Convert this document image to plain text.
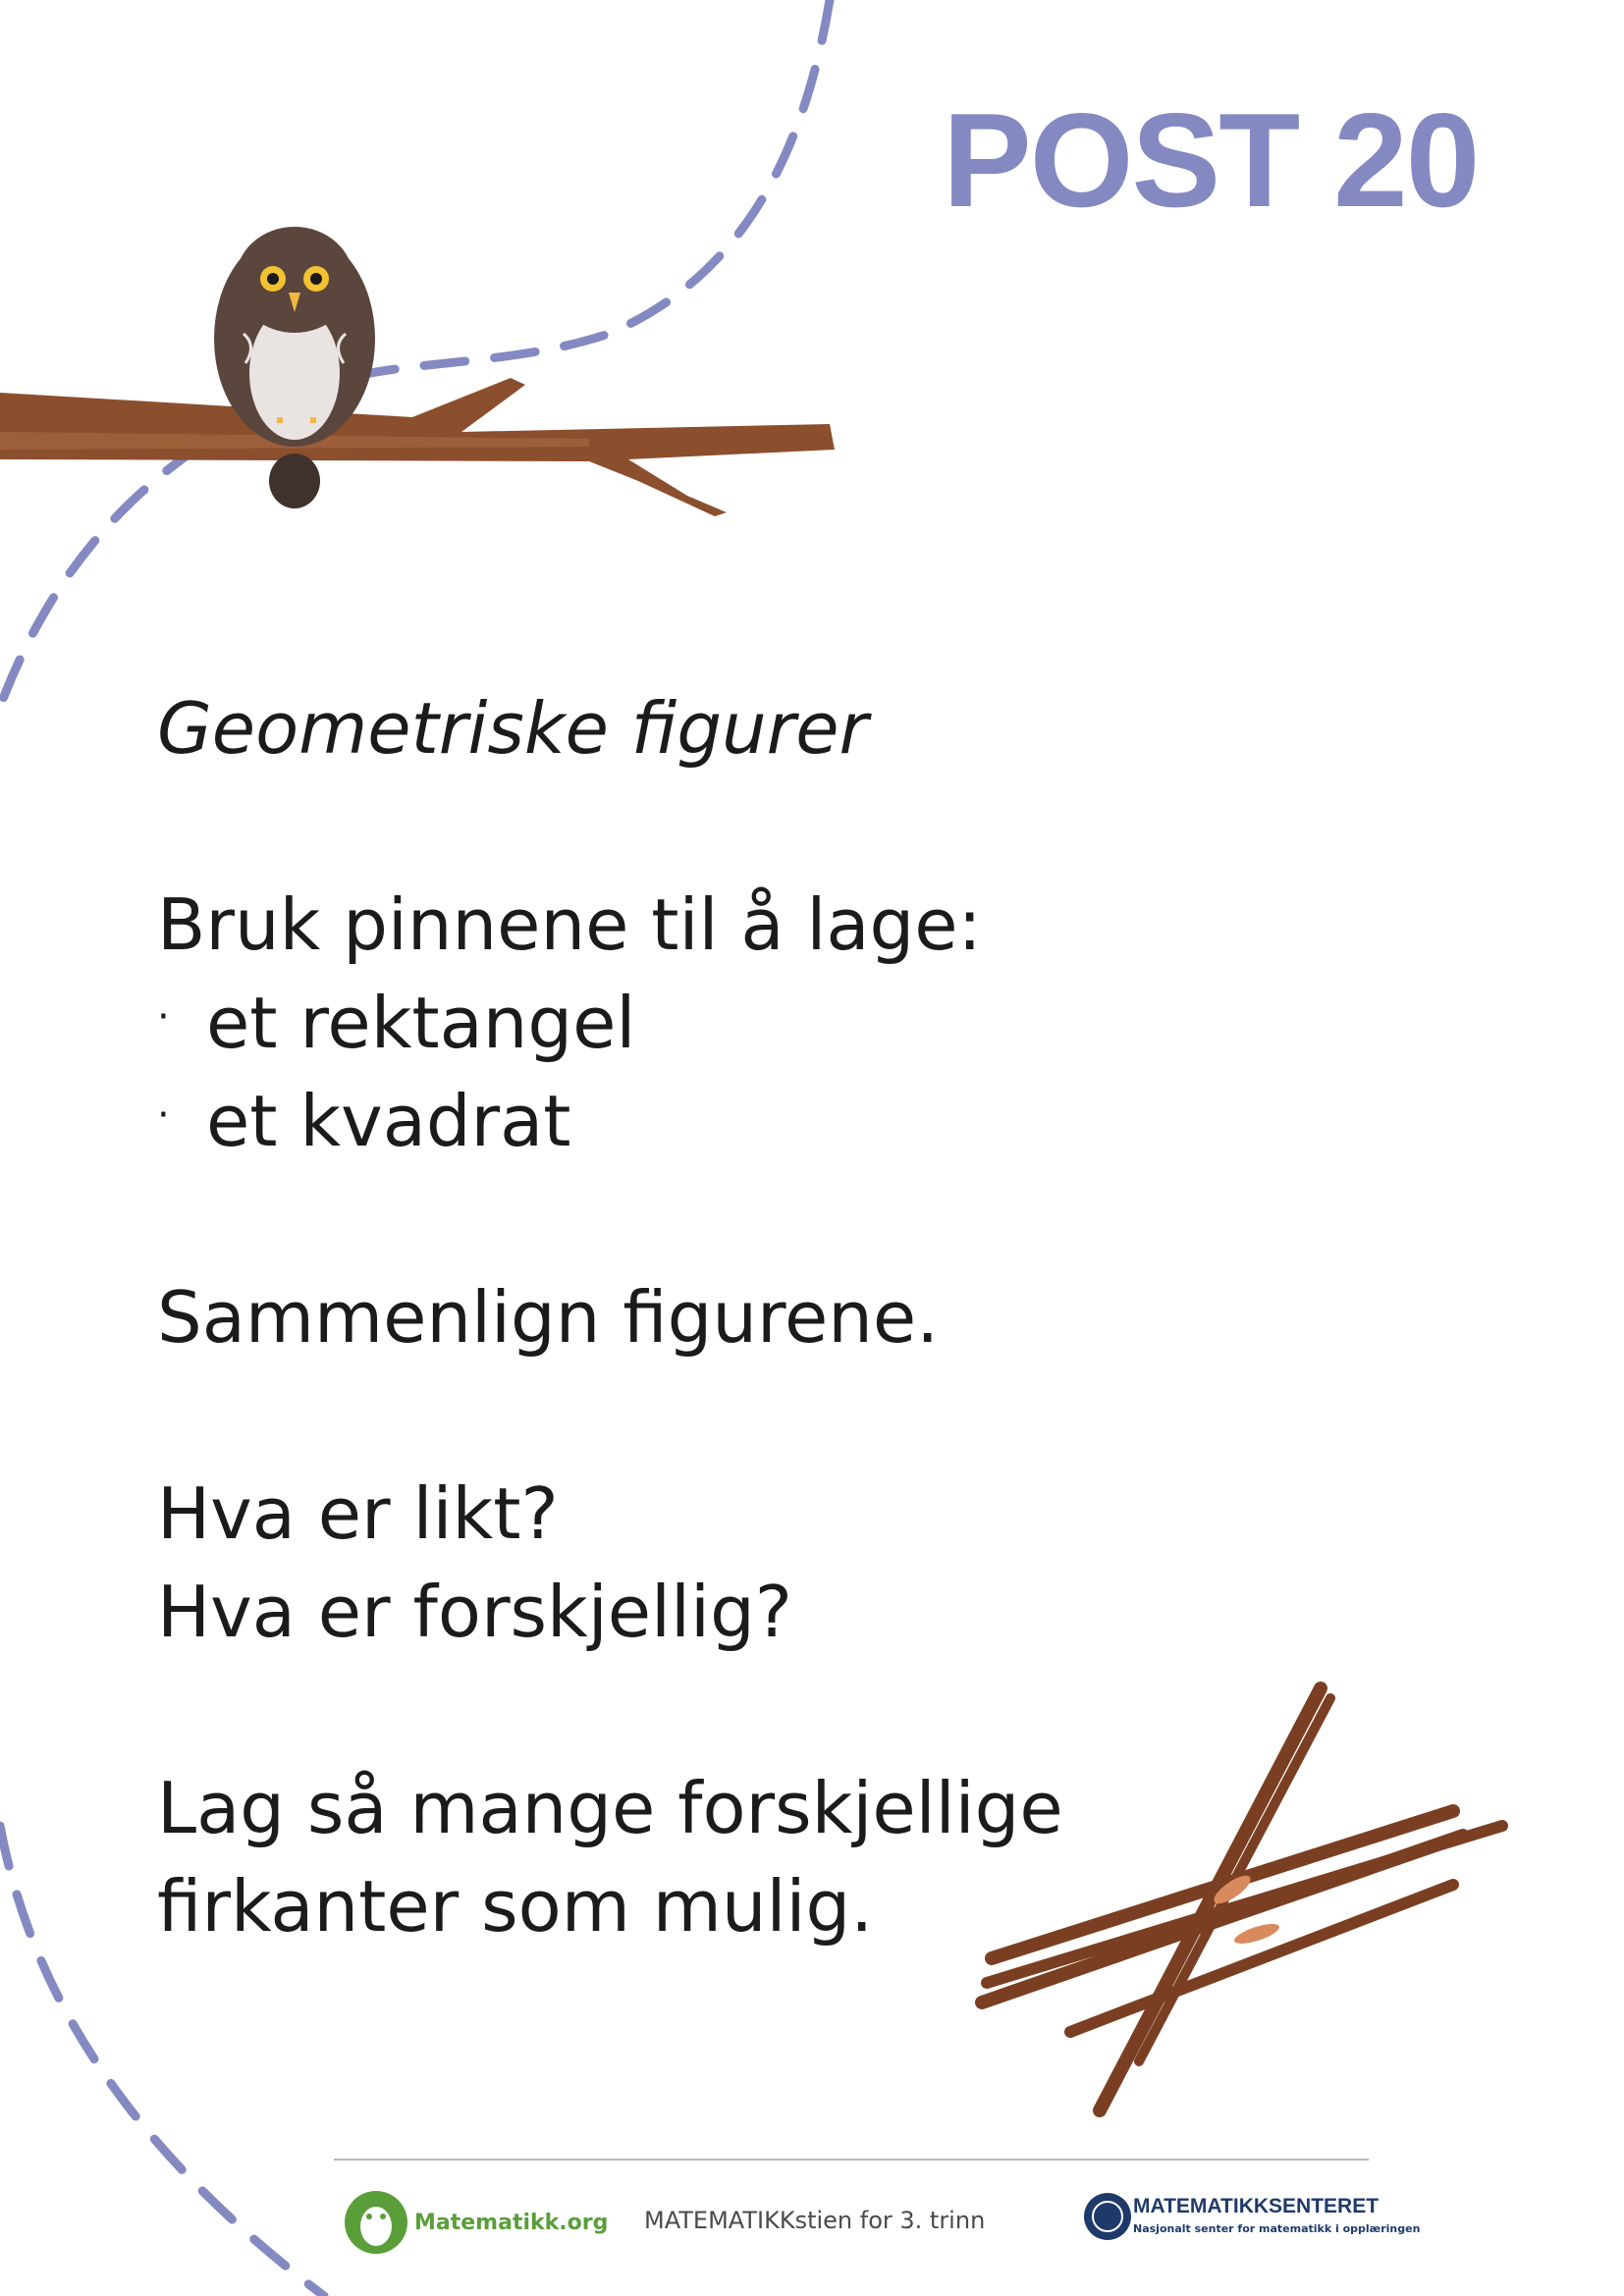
POST 20
Geometriske figurer
Bruk pinnene til å lage:
· et rektangel
· et kvadrat
Sammenlign figurene.
Hva er likt?
Hva er forskjellig?
Lag så mange forskjellige
firkanter som mulig.
Matematikk.org MATEMATIKKstien for 3. trinn
MATEMATIKKSENTERET
Nasjonalt senter for matematikk i opplæringen
